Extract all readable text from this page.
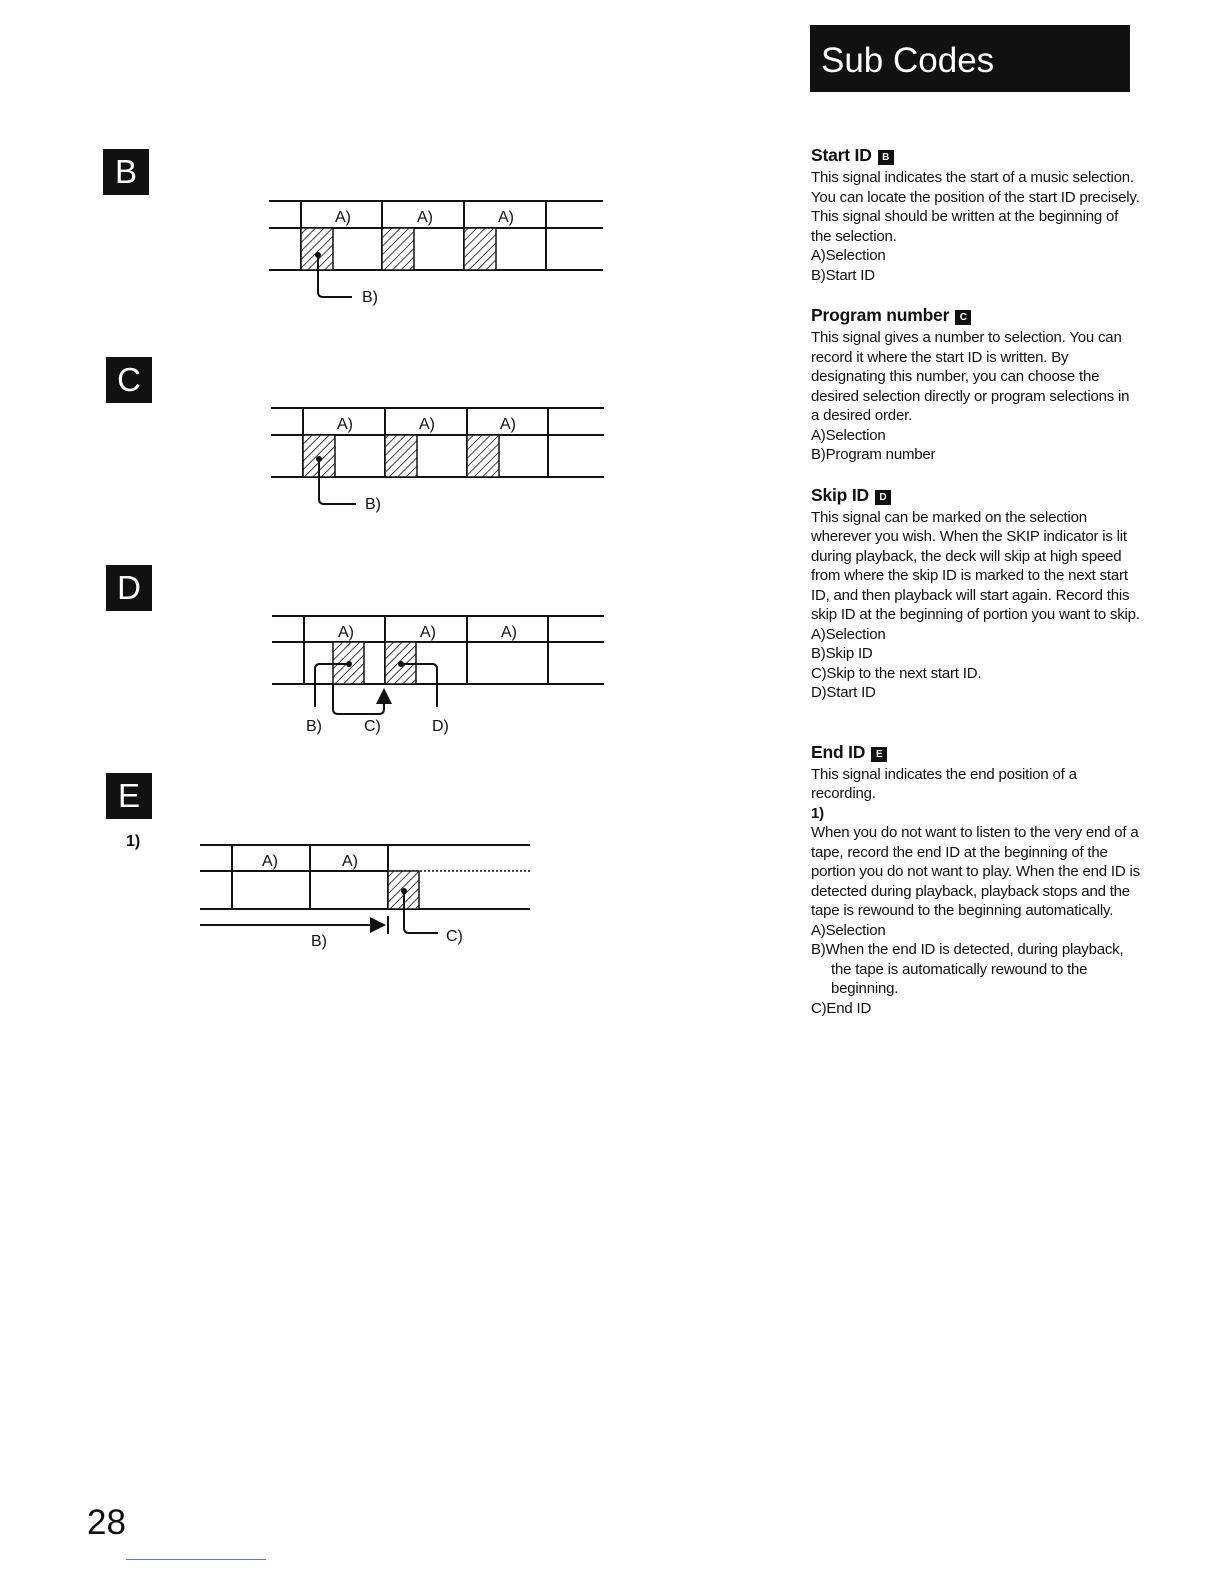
Sub Codes
B
C
D
E
A)	A)	A)
B)
A)	A)	A)
B)
A)	A)	A)
B)	C)	D)
1)
A)	A)
B)	C)
Start ID B

This signal indicates the start of a music selection. You can locate the position of the start ID precisely. This signal should be written at the beginning of the selection.

A)Selection
B)Start ID
Program number C

This signal gives a number to selection. You can record it where the start ID is written. By designating this number, you can choose the desired selection directly or program selections in a desired order.

A)Selection
B)Program number
Skip ID D

This signal can be marked on the selection wherever you wish. When the SKIP indicator is lit during playback, the deck will skip at high speed from where the skip ID is marked to the next start ID, and then playback will start again. Record this skip ID at the beginning of portion you want to skip.

A)Selection
B)Skip ID
C)Skip to the next start ID.
D)Start ID
End ID E

This signal indicates the end position of a recording.

1)

When you do not want to listen to the very end of a tape, record the end ID at the beginning of the portion you do not want to play. When the end ID is detected during playback, playback stops and the tape is rewound to the beginning automatically.

A)Selection
B)When the end ID is detected, during playback, the tape is automatically rewound to the beginning.
C)End ID
28
